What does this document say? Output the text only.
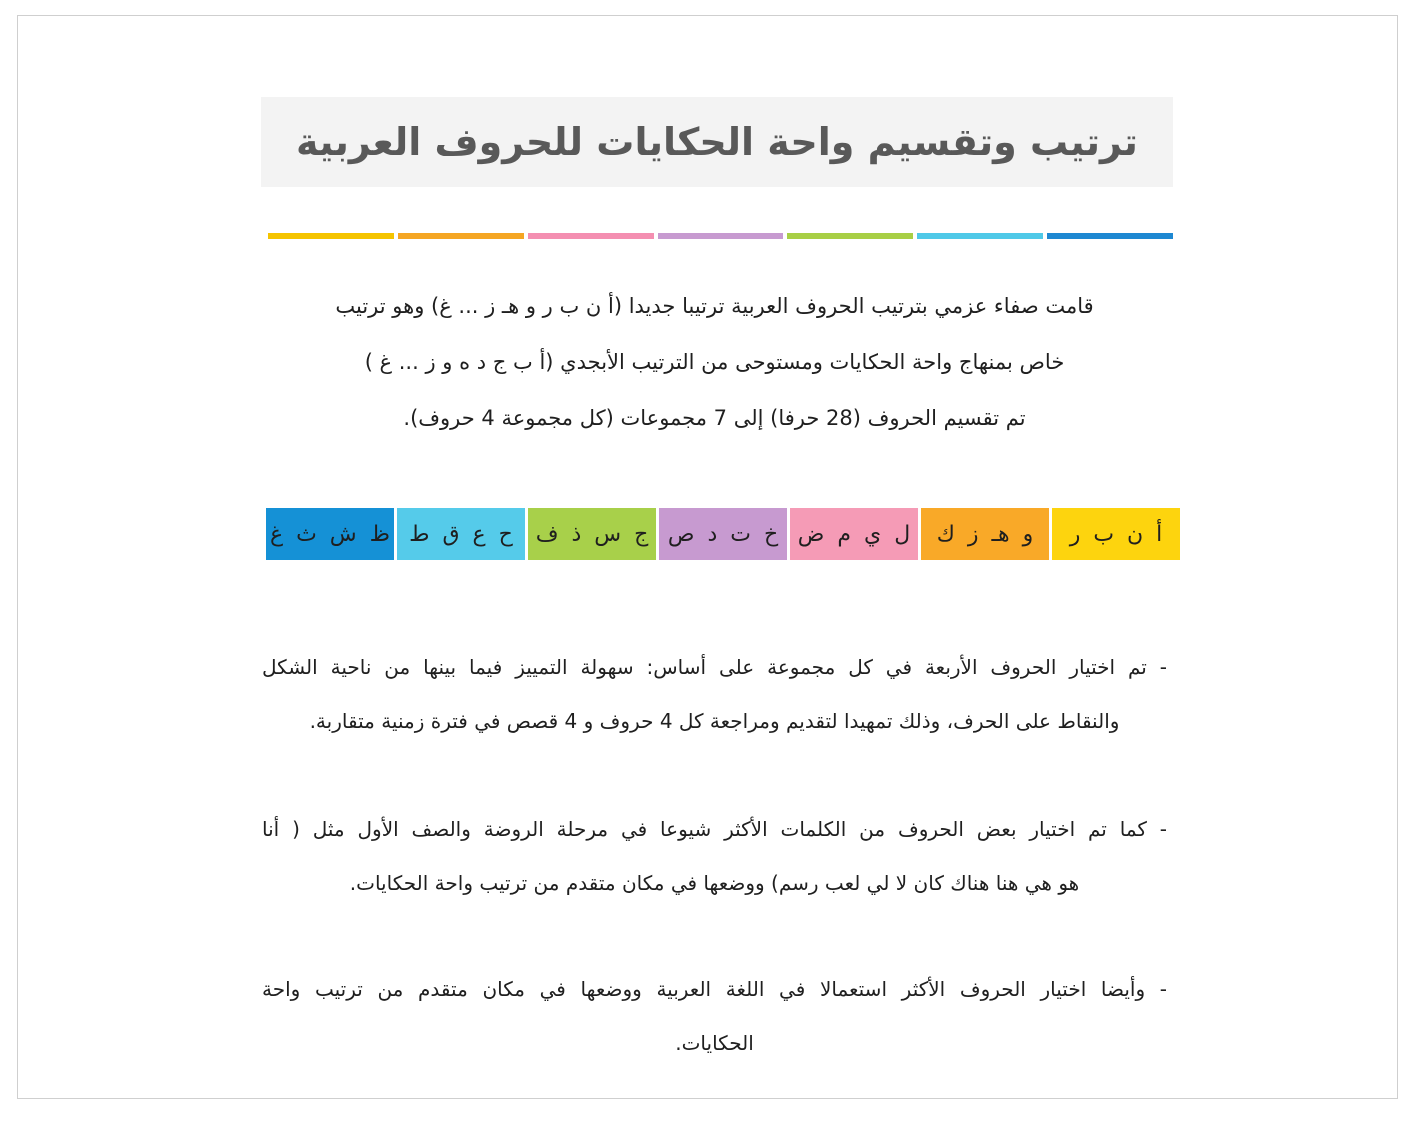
ترتيب وتقسيم واحة الحكايات للحروف العربية
قامت صفاء عزمي بترتيب الحروف العربية ترتيبا جديدا (أ ن ب ر و هـ ز ... غ) وهو ترتيب
خاص بمنهاج واحة الحكايات ومستوحى من الترتيب الأبجدي (أ ب ج د ه و ز ... غ )
تم تقسيم الحروف (28 حرفا) إلى 7 مجموعات (كل مجموعة 4 حروف).
أ ن ب ر
و هـ ز ك
ل ي م ض
خ ت د ص
ج س ذ ف
ح ع ق ط
ظ ش ث غ
- تم اختيار الحروف الأربعة في كل مجموعة على أساس: سهولة التمييز فيما بينها من ناحية الشكل
والنقاط على الحرف، وذلك تمهيدا لتقديم ومراجعة كل 4 حروف و 4 قصص في فترة زمنية متقاربة.
- كما تم اختيار بعض الحروف من الكلمات الأكثر شيوعا في مرحلة الروضة والصف الأول مثل ( أنا
هو هي هنا هناك كان لا لي لعب رسم) ووضعها في مكان متقدم من ترتيب واحة الحكايات.
- وأيضا اختيار الحروف الأكثر استعمالا في اللغة العربية ووضعها في مكان متقدم من ترتيب واحة
الحكايات.
